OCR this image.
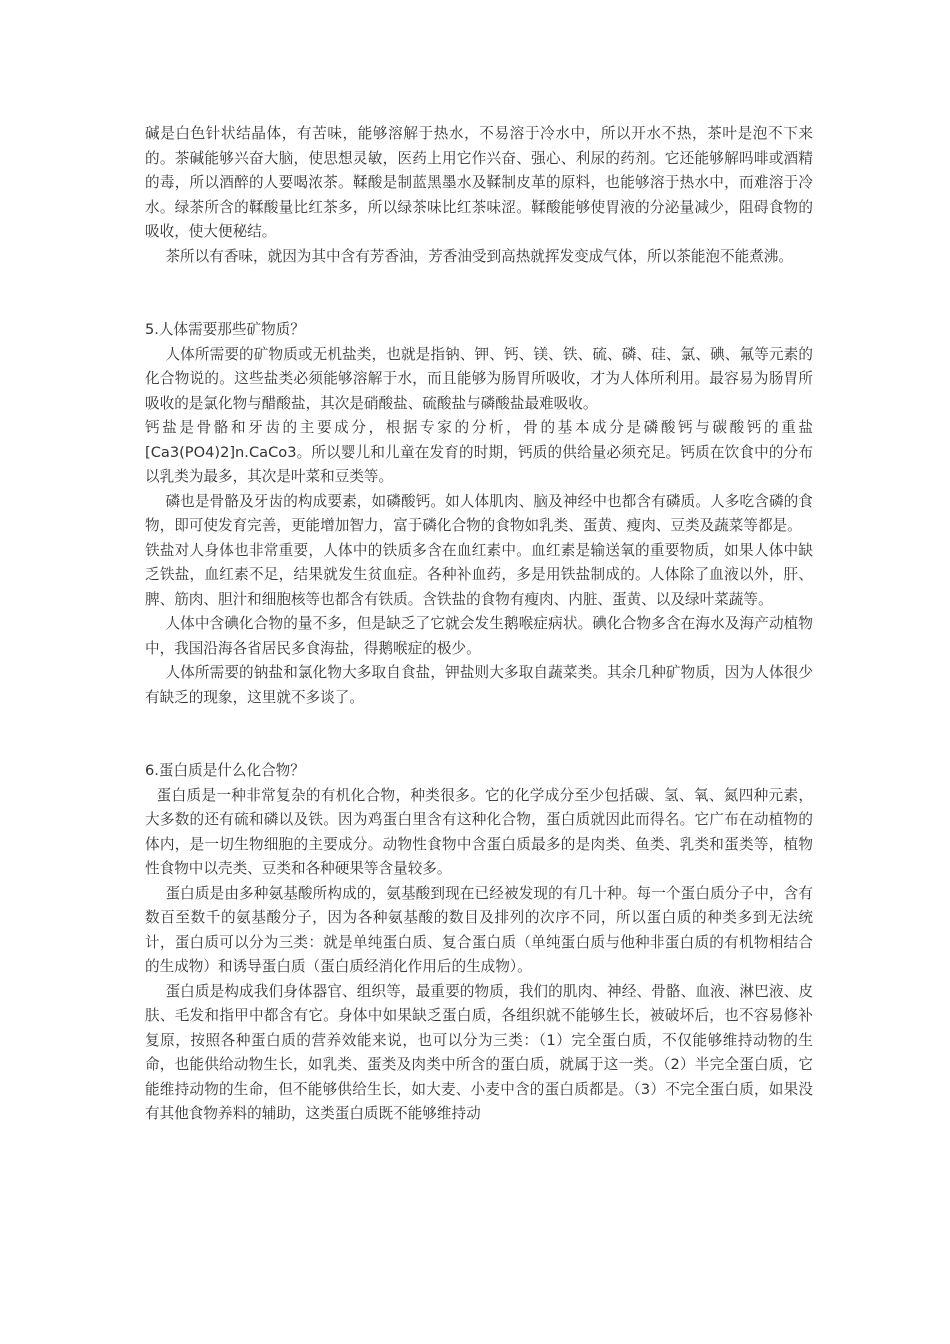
碱是白色针状结晶体，有苦味，能够溶解于热水，不易溶于冷水中，所以开水不热，茶叶是泡不下来的。茶碱能够兴奋大脑，使思想灵敏，医药上用它作兴奋、强心、利尿的药剂。它还能够解吗啡或酒精的毒，所以酒醉的人要喝浓茶。鞣酸是制蓝黑墨水及鞣制皮革的原料，也能够溶于热水中，而难溶于冷水。绿茶所含的鞣酸量比红茶多，所以绿茶味比红茶味涩。鞣酸能够使胃液的分泌量减少，阻碍食物的吸收，使大便秘结。

茶所以有香味，就因为其中含有芳香油，芳香油受到高热就挥发变成气体，所以茶能泡不能煮沸。

5.人体需要那些矿物质？

人体所需要的矿物质或无机盐类，也就是指钠、钾、钙、镁、铁、硫、磷、硅、氯、碘、氟等元素的化合物说的。这些盐类必须能够溶解于水，而且能够为肠胃所吸收，才为人体所利用。最容易为肠胃所吸收的是氯化物与醋酸盐，其次是硝酸盐、硫酸盐与磷酸盐最难吸收。

钙盐是骨骼和牙齿的主要成分，根据专家的分析，骨的基本成分是磷酸钙与碳酸钙的重盐[Ca3(PO4)2]n.CaCo3。所以婴儿和儿童在发育的时期，钙质的供给量必须充足。钙质在饮食中的分布以乳类为最多，其次是叶菜和豆类等。

磷也是骨骼及牙齿的构成要素，如磷酸钙。如人体肌肉、脑及神经中也都含有磷质。人多吃含磷的食物，即可使发育完善，更能增加智力，富于磷化合物的食物如乳类、蛋黄、瘦肉、豆类及蔬菜等都是。

铁盐对人身体也非常重要，人体中的铁质多含在血红素中。血红素是输送氧的重要物质，如果人体中缺乏铁盐，血红素不足，结果就发生贫血症。各种补血药，多是用铁盐制成的。人体除了血液以外，肝、脾、筋肉、胆汁和细胞核等也都含有铁质。含铁盐的食物有瘦肉、内脏、蛋黄、以及绿叶菜蔬等。

人体中含碘化合物的量不多，但是缺乏了它就会发生鹅喉症病状。碘化合物多含在海水及海产动植物中，我国沿海各省居民多食海盐，得鹅喉症的极少。

人体所需要的钠盐和氯化物大多取自食盐，钾盐则大多取自蔬菜类。其余几种矿物质，因为人体很少有缺乏的现象，这里就不多谈了。

6.蛋白质是什么化合物？

蛋白质是一种非常复杂的有机化合物，种类很多。它的化学成分至少包括碳、氢、氧、氮四种元素，大多数的还有硫和磷以及铁。因为鸡蛋白里含有这种化合物，蛋白质就因此而得名。它广布在动植物的体内，是一切生物细胞的主要成分。动物性食物中含蛋白质最多的是肉类、鱼类、乳类和蛋类等，植物性食物中以壳类、豆类和各种硬果等含量较多。

蛋白质是由多种氨基酸所构成的，氨基酸到现在已经被发现的有几十种。每一个蛋白质分子中，含有数百至数千的氨基酸分子，因为各种氨基酸的数目及排列的次序不同，所以蛋白质的种类多到无法统计，蛋白质可以分为三类：就是单纯蛋白质、复合蛋白质（单纯蛋白质与他种非蛋白质的有机物相结合的生成物）和诱导蛋白质（蛋白质经消化作用后的生成物）。

蛋白质是构成我们身体器官、组织等，最重要的物质，我们的肌肉、神经、骨骼、血液、淋巴液、皮肤、毛发和指甲中都含有它。身体中如果缺乏蛋白质，各组织就不能够生长，被破坏后，也不容易修补复原，按照各种蛋白质的营养效能来说，也可以分为三类：（1）完全蛋白质，不仅能够维持动物的生命，也能供给动物生长，如乳类、蛋类及肉类中所含的蛋白质，就属于这一类。（2）半完全蛋白质，它能维持动物的生命，但不能够供给生长，如大麦、小麦中含的蛋白质都是。（3）不完全蛋白质，如果没有其他食物养料的辅助，这类蛋白质既不能够维持动
